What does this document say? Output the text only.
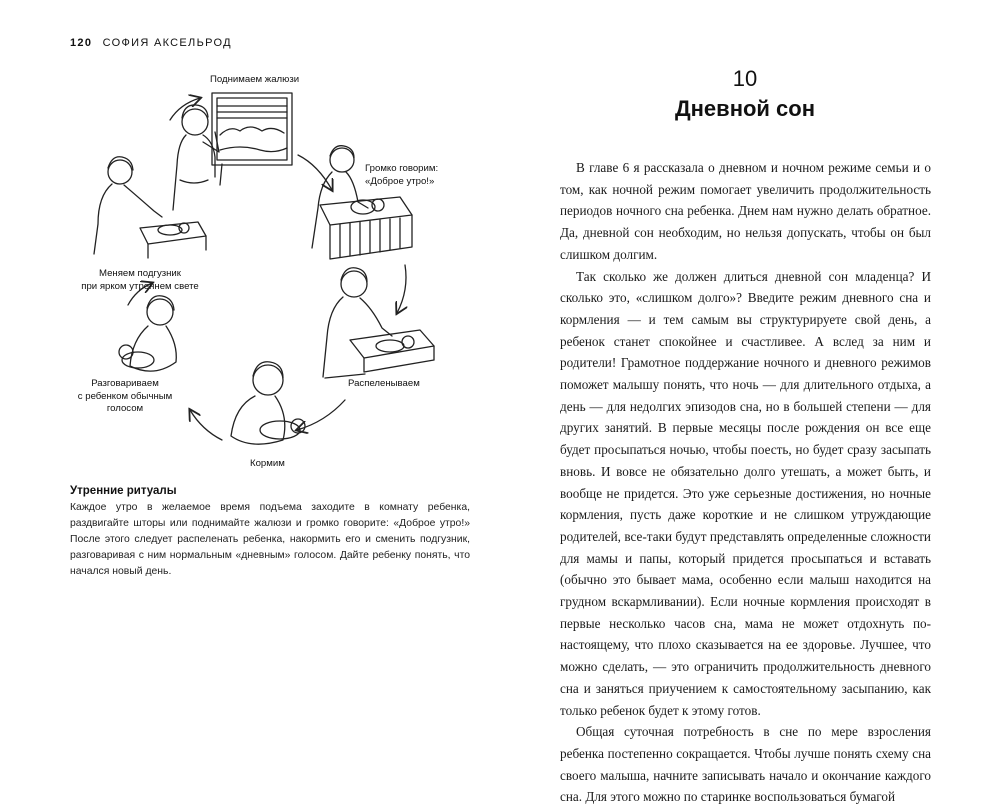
120 СОФИЯ АКСЕЛЬРОД
Поднимаем жалюзи
Громко говорим:
«Доброе утро!»
Распеленываем
Кормим
Разговариваем
с ребенком обычным
голосом
Меняем подгузник
при ярком утреннем свете
Утренние ритуалы
Каждое утро в желаемое время подъема заходите в комнату ребенка, раздвигайте шторы или поднимайте жалюзи и громко говорите: «Доброе утро!» После этого следует распеленать ребенка, накормить его и сменить подгузник, разговаривая с ним нормальным «дневным» голосом. Дайте ребенку понять, что начался новый день.
10
Дневной сон

В главе 6 я рассказала о дневном и ночном режиме семьи и о том, как ночной режим помогает увеличить продолжительность периодов ночного сна ребенка. Днем нам нужно делать обратное. Да, дневной сон необходим, но нельзя допускать, чтобы он был слишком долгим.

Так сколько же должен длиться дневной сон младенца? И сколько это, «слишком долго»? Введите режим дневного сна и кормления — и тем самым вы структурируете свой день, а ребенок станет спокойнее и счастливее. А вслед за ним и родители! Грамотное поддержание ночного и дневного режимов поможет малышу понять, что ночь — для длительного отдыха, а день — для недолгих эпизодов сна, но в большей степени — для других занятий. В первые месяцы после рождения он все еще будет просыпаться ночью, чтобы поесть, но будет сразу засыпать вновь. И вовсе не обязательно долго утешать, а может быть, и вообще не придется. Это уже серьезные достижения, но ночные кормления, пусть даже короткие и не слишком утруждающие родителей, все-таки будут представлять определенные сложности для мамы и папы, который придется просыпаться и вставать (обычно это бывает мама, особенно если малыш находится на грудном вскармливании). Если ночные кормления происходят в первые несколько часов сна, мама не может отдохнуть по-настоящему, что плохо сказывается на ее здоровье. Лучшее, что можно сделать, — это ограничить продолжительность дневного сна и заняться приучением к самостоятельному засыпанию, как только ребенок будет к этому готов.

Общая суточная потребность в сне по мере взросления ребенка постепенно сокращается. Чтобы лучше понять схему сна своего малыша, начните записывать начало и окончание каждого сна. Для этого можно по старинке воспользоваться бумагой
